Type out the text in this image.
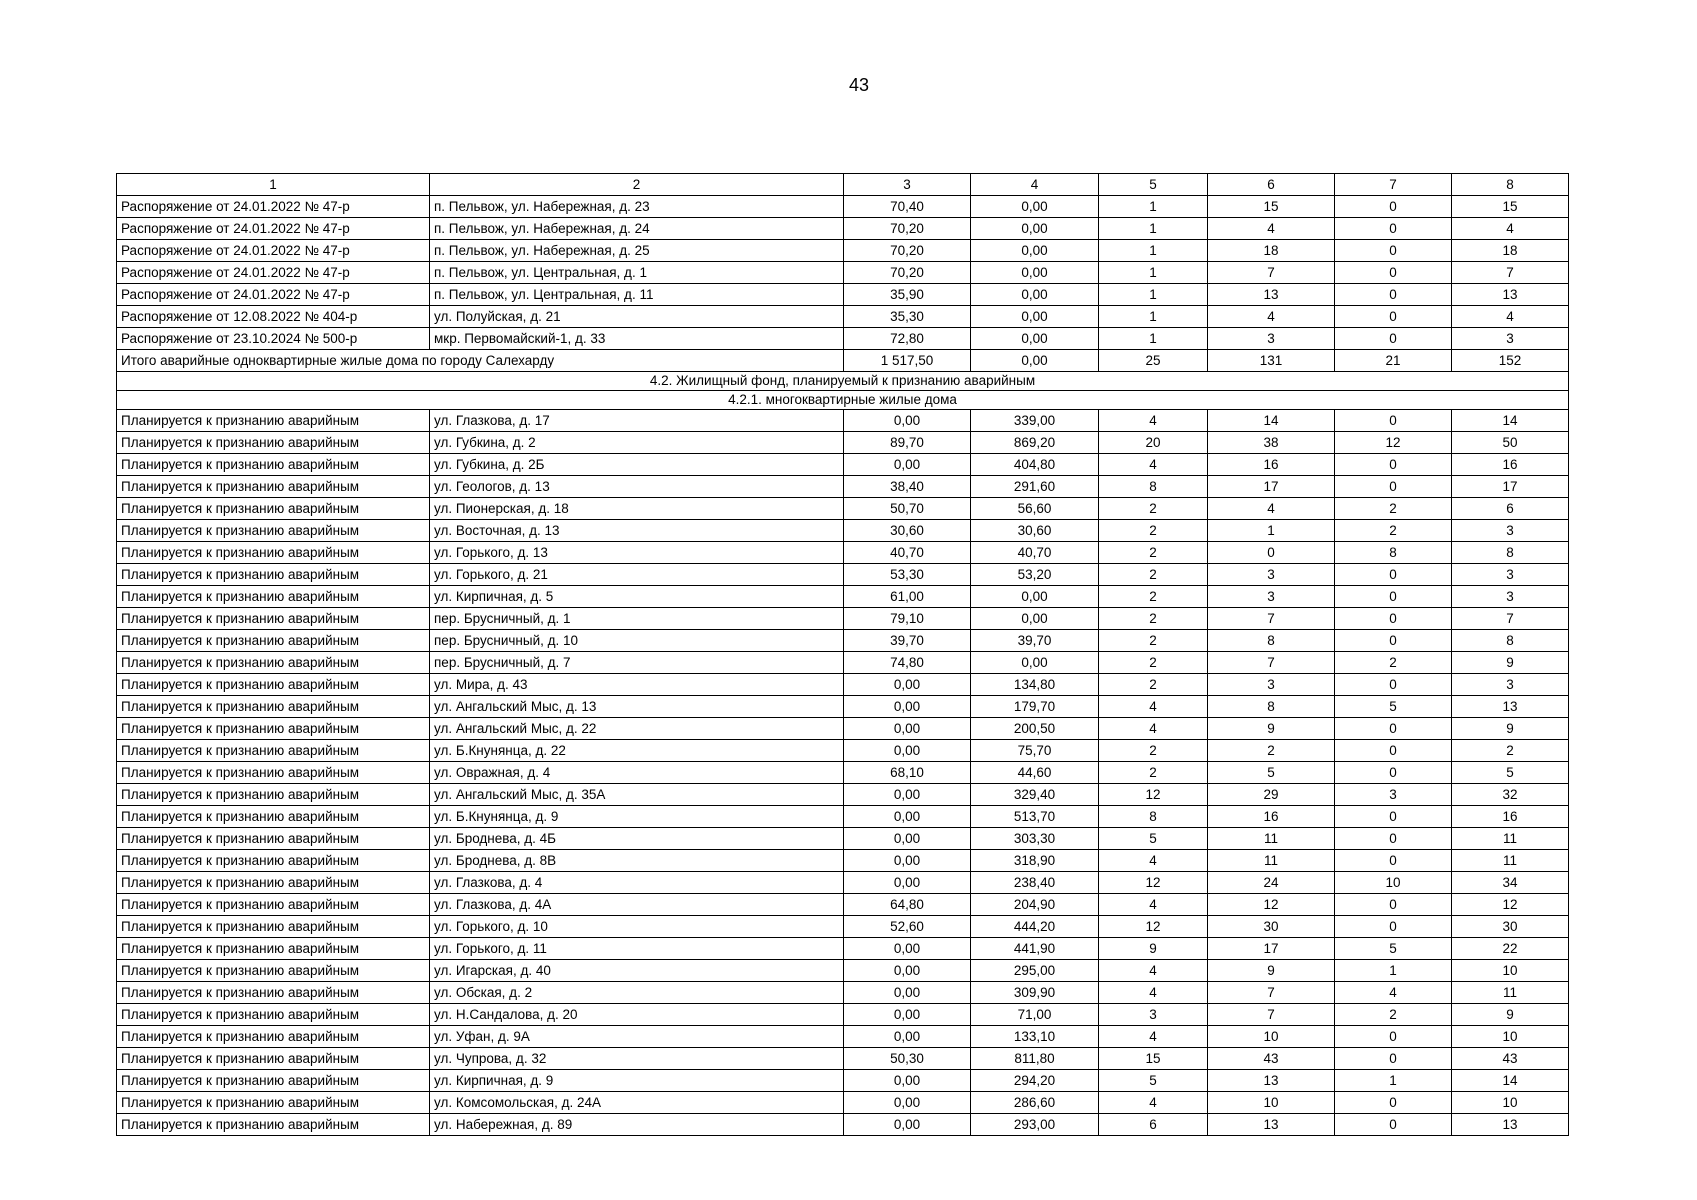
43
1	2	3	4	5	6	7	8
Распоряжение от 24.01.2022 № 47-р	п. Пельвож, ул. Набережная, д. 23	70,40	0,00	1	15	0	15
Распоряжение от 24.01.2022 № 47-р	п. Пельвож, ул. Набережная, д. 24	70,20	0,00	1	4	0	4
Распоряжение от 24.01.2022 № 47-р	п. Пельвож, ул. Набережная, д. 25	70,20	0,00	1	18	0	18
Распоряжение от 24.01.2022 № 47-р	п. Пельвож, ул. Центральная, д. 1	70,20	0,00	1	7	0	7
Распоряжение от 24.01.2022 № 47-р	п. Пельвож, ул. Центральная, д. 11	35,90	0,00	1	13	0	13
Распоряжение от 12.08.2022 № 404-р	ул. Полуйская, д. 21	35,30	0,00	1	4	0	4
Распоряжение от 23.10.2024 № 500-р	мкр. Первомайский-1, д. 33	72,80	0,00	1	3	0	3
Итого аварийные одноквартирные жилые дома по городу Салехарду		1 517,50	0,00	25	131	21	152
4.2. Жилищный фонд, планируемый к признанию аварийным							
4.2.1. многоквартирные жилые дома							
Планируется к признанию аварийным	ул. Глазкова, д. 17	0,00	339,00	4	14	0	14
Планируется к признанию аварийным	ул. Губкина, д. 2	89,70	869,20	20	38	12	50
Планируется к признанию аварийным	ул. Губкина, д. 2Б	0,00	404,80	4	16	0	16
Планируется к признанию аварийным	ул. Геологов, д. 13	38,40	291,60	8	17	0	17
Планируется к признанию аварийным	ул. Пионерская, д. 18	50,70	56,60	2	4	2	6
Планируется к признанию аварийным	ул. Восточная, д. 13	30,60	30,60	2	1	2	3
Планируется к признанию аварийным	ул. Горького, д. 13	40,70	40,70	2	0	8	8
Планируется к признанию аварийным	ул. Горького, д. 21	53,30	53,20	2	3	0	3
Планируется к признанию аварийным	ул. Кирпичная, д. 5	61,00	0,00	2	3	0	3
Планируется к признанию аварийным	пер. Брусничный, д. 1	79,10	0,00	2	7	0	7
Планируется к признанию аварийным	пер. Брусничный, д. 10	39,70	39,70	2	8	0	8
Планируется к признанию аварийным	пер. Брусничный, д. 7	74,80	0,00	2	7	2	9
Планируется к признанию аварийным	ул. Мира, д. 43	0,00	134,80	2	3	0	3
Планируется к признанию аварийным	ул. Ангальский Мыс, д. 13	0,00	179,70	4	8	5	13
Планируется к признанию аварийным	ул. Ангальский Мыс, д. 22	0,00	200,50	4	9	0	9
Планируется к признанию аварийным	ул. Б.Кнунянца, д. 22	0,00	75,70	2	2	0	2
Планируется к признанию аварийным	ул. Овражная, д. 4	68,10	44,60	2	5	0	5
Планируется к признанию аварийным	ул. Ангальский Мыс, д. 35А	0,00	329,40	12	29	3	32
Планируется к признанию аварийным	ул. Б.Кнунянца, д. 9	0,00	513,70	8	16	0	16
Планируется к признанию аварийным	ул. Броднева, д. 4Б	0,00	303,30	5	11	0	11
Планируется к признанию аварийным	ул. Броднева, д. 8В	0,00	318,90	4	11	0	11
Планируется к признанию аварийным	ул. Глазкова, д. 4	0,00	238,40	12	24	10	34
Планируется к признанию аварийным	ул. Глазкова, д. 4А	64,80	204,90	4	12	0	12
Планируется к признанию аварийным	ул. Горького, д. 10	52,60	444,20	12	30	0	30
Планируется к признанию аварийным	ул. Горького, д. 11	0,00	441,90	9	17	5	22
Планируется к признанию аварийным	ул. Игарская, д. 40	0,00	295,00	4	9	1	10
Планируется к признанию аварийным	ул. Обская, д. 2	0,00	309,90	4	7	4	11
Планируется к признанию аварийным	ул. Н.Сандалова, д. 20	0,00	71,00	3	7	2	9
Планируется к признанию аварийным	ул. Уфан, д. 9А	0,00	133,10	4	10	0	10
Планируется к признанию аварийным	ул. Чупрова, д. 32	50,30	811,80	15	43	0	43
Планируется к признанию аварийным	ул. Кирпичная, д. 9	0,00	294,20	5	13	1	14
Планируется к признанию аварийным	ул. Комсомольская, д. 24А	0,00	286,60	4	10	0	10
Планируется к признанию аварийным	ул. Набережная, д. 89	0,00	293,00	6	13	0	13
